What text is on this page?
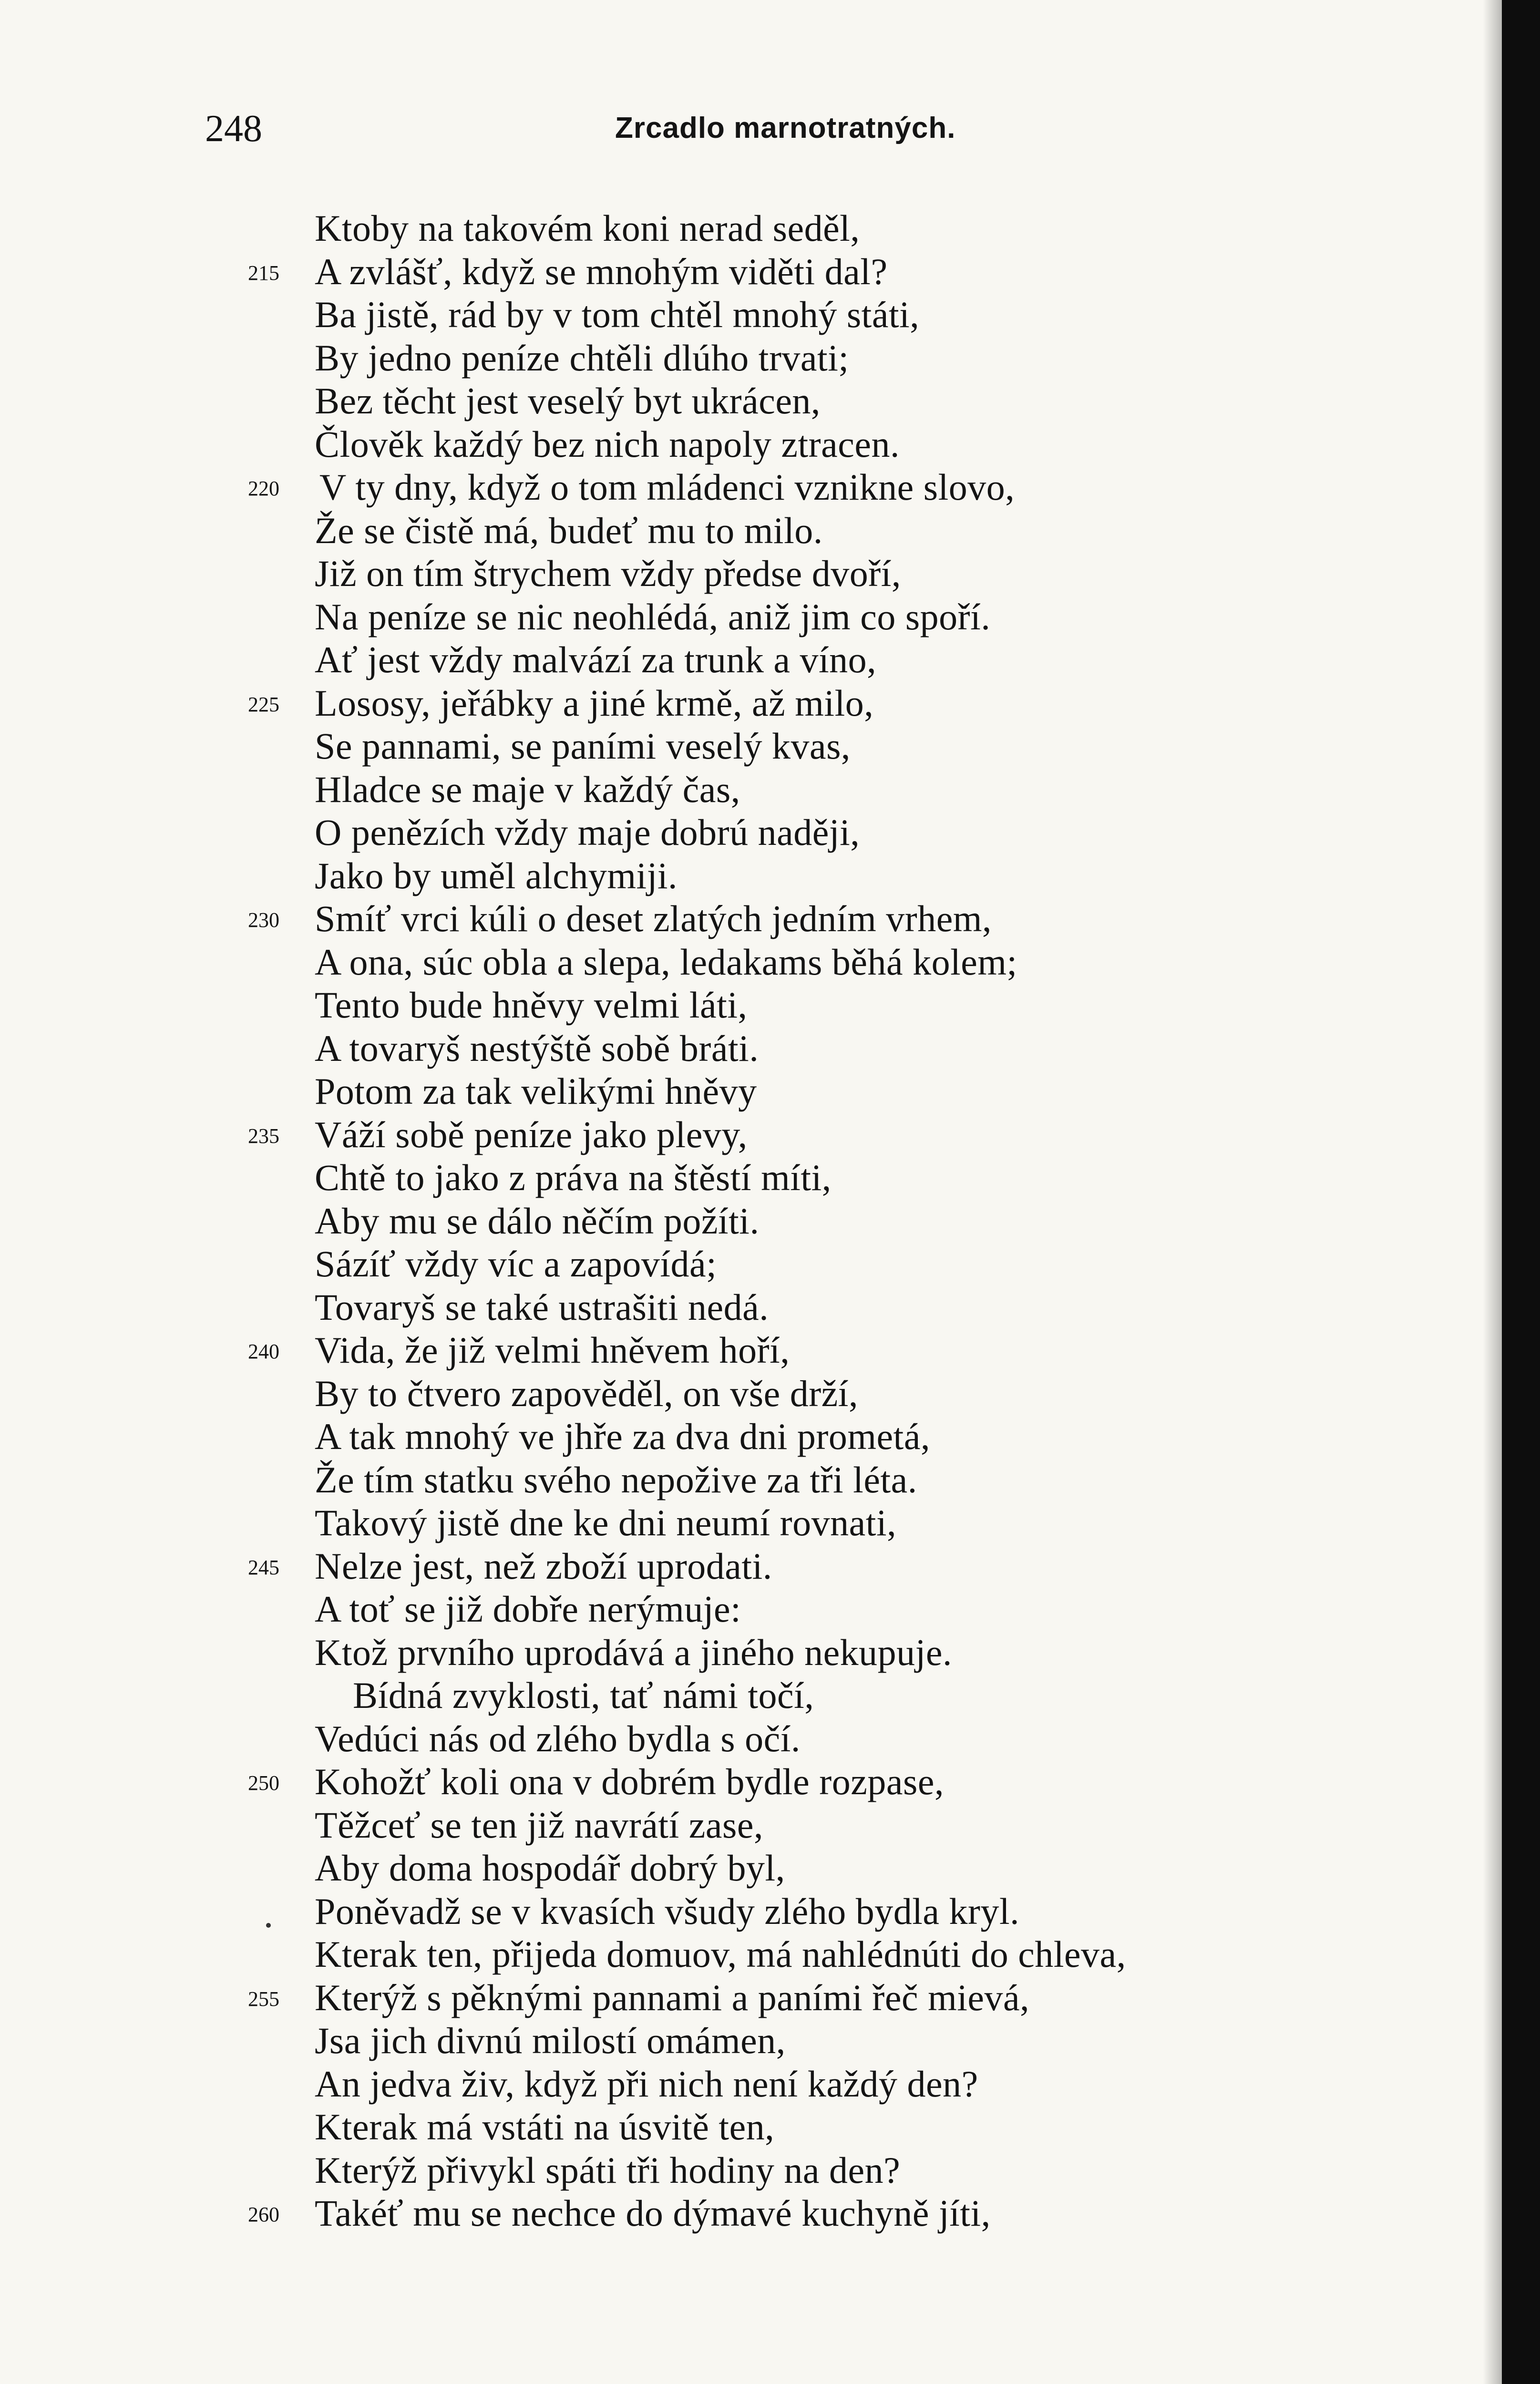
248	Zrcadlo marnotratných.
Ktoby na takovém koni nerad seděl,
215 A zvlášť, když se mnohým viděti dal?
Ba jistě, rád by v tom chtěl mnohý státi,
By jedno peníze chtěli dlúho trvati;
Bez těcht jest veselý byt ukrácen,
Člověk každý bez nich napoly ztracen.
220	V ty dny, když o tom mládenci vznikne slovo,
Že se čistě má, budeť mu to milo.
Již on tím štrychem vždy předse dvoří,
Na peníze se nic neohlédá, aniž jim co spoří.
Ať jest vždy malvází za trunk a víno,
225 Lososy, jeřábky a jiné krmě, až milo,
Se pannami, se paními veselý kvas,
Hladce se maje v každý čas,
O penězích vždy maje dobrú naději,
Jako by uměl alchymiji.
230 Smíť vrci kúli o deset zlatých jedním vrhem,
A ona, súc obla a slepa, ledakams běhá kolem;
Tento bude hněvy velmi láti,
A tovaryš nestýště sobě bráti.
Potom za tak velikými hněvy
235 Váží sobě peníze jako plevy,
Chtě to jako z práva na štěstí míti,
Aby mu se dálo něčím požíti.
Sázíť vždy víc a zapovídá;
Tovaryš se také ustrašiti nedá.
240 Vida, že již velmi hněvem hoří,
By to čtvero zapověděl, on vše drží,
A tak mnohý ve jhře za dva dni prometá,
Že tím statku svého nepožive za tři léta.
Takový jistě dne ke dni neumí rovnati,
245 Nelze jest, než zboží uprodati.
A toť se již dobře nerýmuje:
Ktož prvního uprodává a jiného nekupuje.
Bídná zvyklosti, tať námi točí,
Vedúci nás od zlého bydla s očí.
250 Kohožť koli ona v dobrém bydle rozpase,
Těžceť se ten již navrátí zase,
Aby doma hospodář dobrý byl,
Poněvadž se v kvasích všudy zlého bydla kryl.
Kterak ten, přijeda domuov, má nahlédnúti do chleva,
255 Kterýž s pěknými pannami a paními řeč mievá,
Jsa jich divnú milostí omámen,
An jedva živ, když při nich není každý den?
Kterak má vstáti na úsvitě ten,
Kterýž přivykl spáti tři hodiny na den?
260 Takéť mu se nechce do dýmavé kuchyně jíti,
